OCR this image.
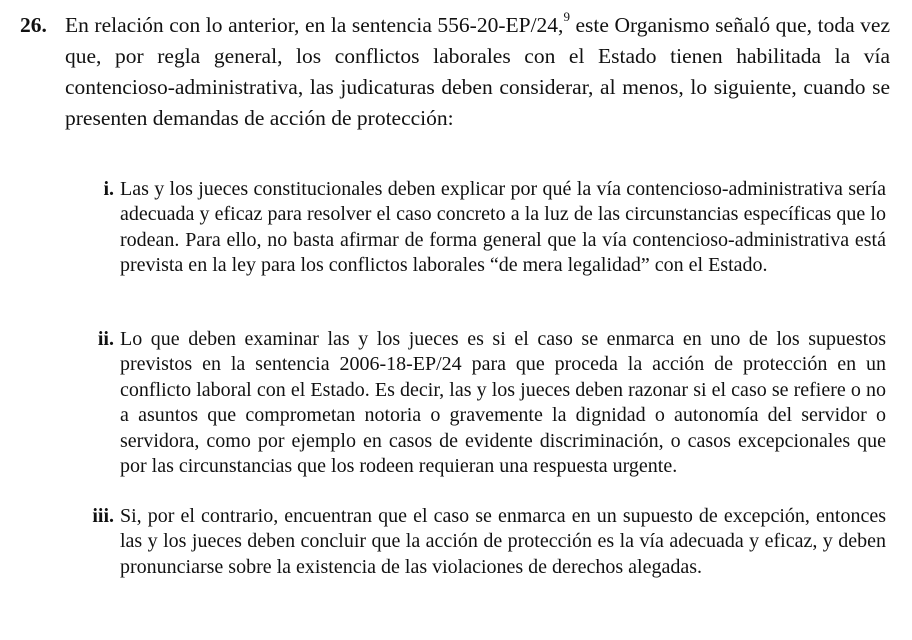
26. En relación con lo anterior, en la sentencia 556-20-EP/24,$^9$ este Organismo señaló que, toda vez que, por regla general, los conflictos laborales con el Estado tienen habilitada la vía contencioso-administrativa, las judicaturas deben considerar, al menos, lo siguiente, cuando se presenten demandas de acción de protección:
i. Las y los jueces constitucionales deben explicar por qué la vía contencioso-administrativa sería adecuada y eficaz para resolver el caso concreto a la luz de las circunstancias específicas que lo rodean. Para ello, no basta afirmar de forma general que la vía contencioso-administrativa está prevista en la ley para los conflictos laborales “de mera legalidad” con el Estado.
ii. Lo que deben examinar las y los jueces es si el caso se enmarca en uno de los supuestos previstos en la sentencia 2006-18-EP/24 para que proceda la acción de protección en un conflicto laboral con el Estado. Es decir, las y los jueces deben razonar si el caso se refiere o no a asuntos que comprometan notoria o gravemente la dignidad o autonomía del servidor o servidora, como por ejemplo en casos de evidente discriminación, o casos excepcionales que por las circunstancias que los rodeen requieran una respuesta urgente.
iii. Si, por el contrario, encuentran que el caso se enmarca en un supuesto de excepción, entonces las y los jueces deben concluir que la acción de protección es la vía adecuada y eficaz, y deben pronunciarse sobre la existencia de las violaciones de derechos alegadas.
